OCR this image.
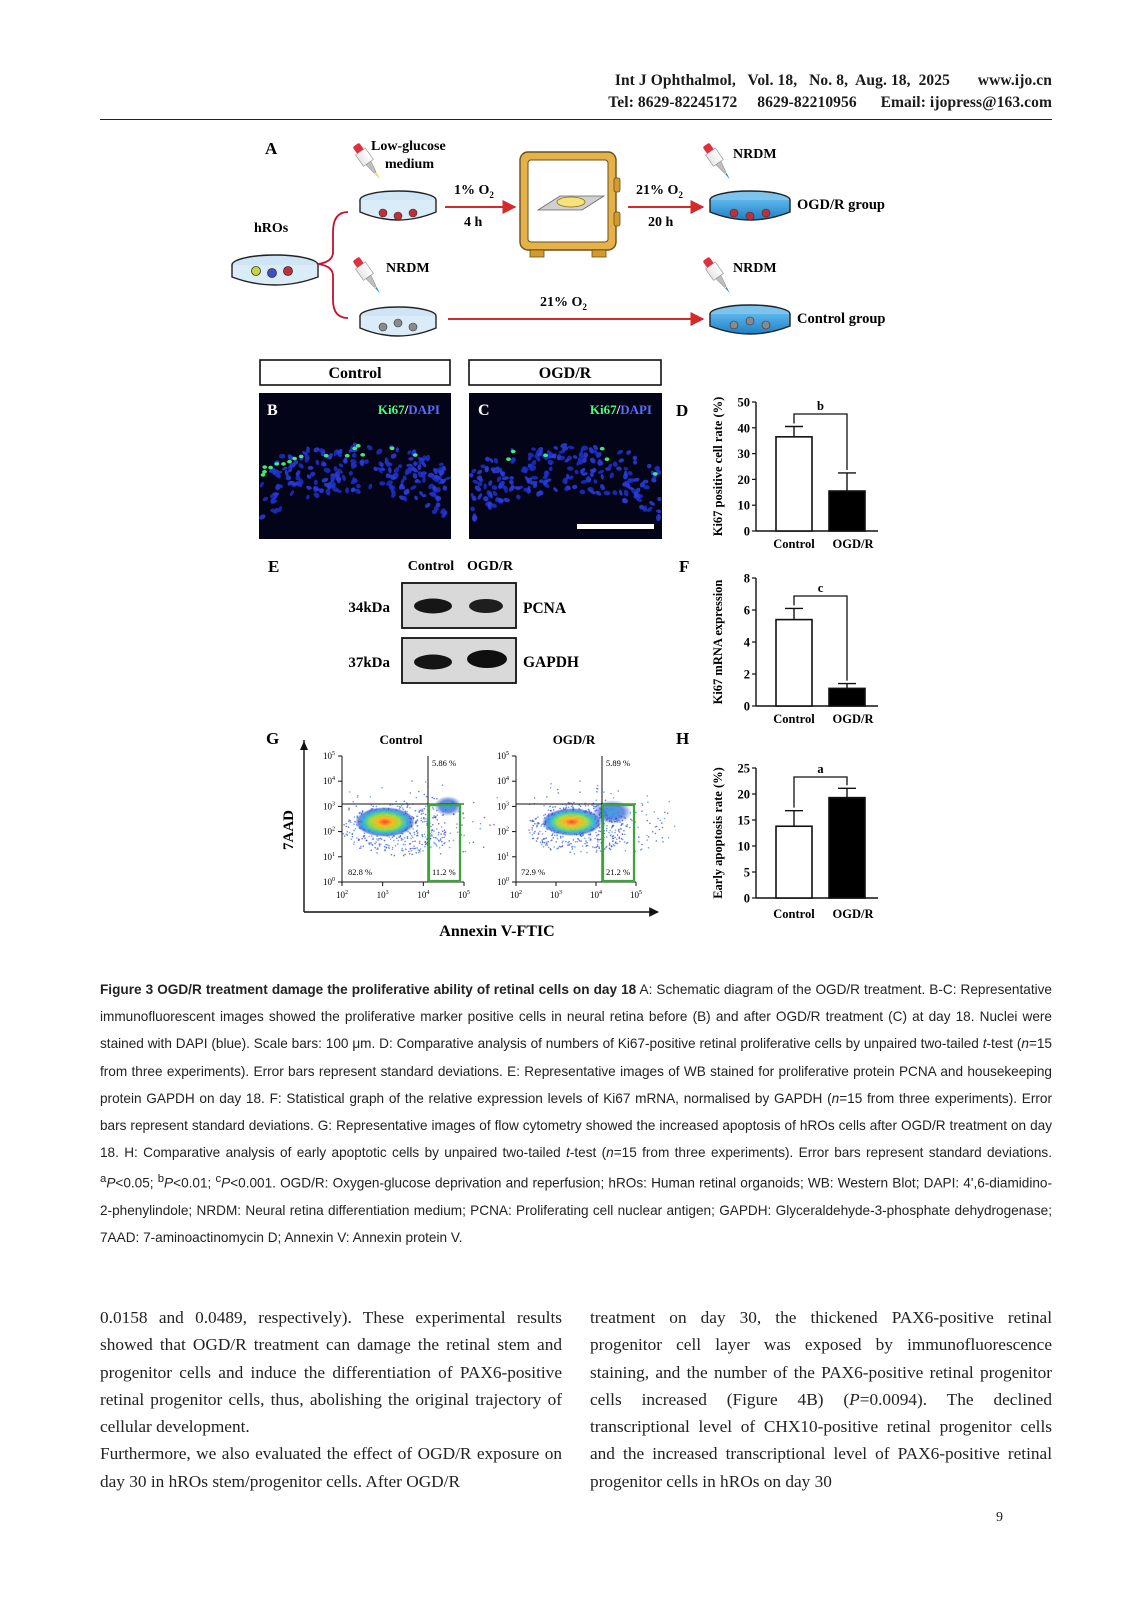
Int J Ophthalmol,   Vol. 18,   No. 8,  Aug. 18,  2025       www.ijo.cn
Tel: 8629-82245172     8629-82210956      Email: ijopress@163.com
A
hROs
Low-glucose
medium
NRDM
1% $O_2$
4 h
21% $O_2$
20 h
21% $O_2$
NRDM
OGD/R group
NRDM
Control group
Control	OGD/R
B	Ki67/DAPI C	Ki67/DAPI
E	Control OGD/R
34kDa
37kDa
PCNA
GAPDH
G
7AAD
Annexin V-FTIC
Control	OGD/R
5.86 %
82.8 %	11.2 %
$10^5$
$10^4$
$10^3$
$10^2$
$10^1$
$10^0$
$10^2$	$10^3$	$10^4$	$10^5$
5.89 %
72.9 %	21.2 %
$10^5$
$10^4$
$10^3$
$10^2$
$10^1$
$10^0$
$10^2$	$10^3$	$10^4$	$10^5$
D
F
H
0
10
20
30
40
50
Ki67 positive cell rate (%)
Control OGD/R
b
0
2
4
6
8
Ki67 mRNA expression
Control OGD/R
c
0
5
10
15
20
25
Early apoptosis rate (%)
Control OGD/R
a
Figure 3 OGD/R treatment damage the proliferative ability of retinal cells on day 18 A: Schematic diagram of the OGD/R treatment. B-C: Representative immunofluorescent images showed the proliferative marker positive cells in neural retina before (B) and after OGD/R treatment (C) at day 18. Nuclei were stained with DAPI (blue). Scale bars: 100 μm. D: Comparative analysis of numbers of Ki67-positive retinal proliferative cells by unpaired two-tailed t-test (n=15 from three experiments). Error bars represent standard deviations. E: Representative images of WB stained for proliferative protein PCNA and housekeeping protein GAPDH on day 18. F: Statistical graph of the relative expression levels of Ki67 mRNA, normalised by GAPDH (n=15 from three experiments). Error bars represent standard deviations. G: Representative images of flow cytometry showed the increased apoptosis of hROs cells after OGD/R treatment on day 18. H: Comparative analysis of early apoptotic cells by unpaired two-tailed t-test (n=15 from three experiments). Error bars represent standard deviations. $^a$P<0.05; $^b$P<0.01; $^c$P<0.001. OGD/R: Oxygen-glucose deprivation and reperfusion; hROs: Human retinal organoids; WB: Western Blot; DAPI: 4',6-diamidino-2-phenylindole; NRDM: Neural retina differentiation medium; PCNA: Proliferating cell nuclear antigen; GAPDH: Glyceraldehyde-3-phosphate dehydrogenase; 7AAD: 7-aminoactinomycin D; Annexin V: Annexin protein V.

0.0158 and 0.0489, respectively). These experimental results showed that OGD/R treatment can damage the retinal stem and progenitor cells and induce the differentiation of PAX6-positive retinal progenitor cells, thus, abolishing the original trajectory of cellular development.

Furthermore, we also evaluated the effect of OGD/R exposure on day 30 in hROs stem/progenitor cells. After OGD/R

treatment on day 30, the thickened PAX6-positive retinal progenitor cell layer was exposed by immunofluorescence staining, and the number of the PAX6-positive retinal progenitor cells increased (Figure 4B) (P=0.0094). The declined transcriptional level of CHX10-positive retinal progenitor cells and the increased transcriptional level of PAX6-positive retinal progenitor cells in hROs on day 30

9
